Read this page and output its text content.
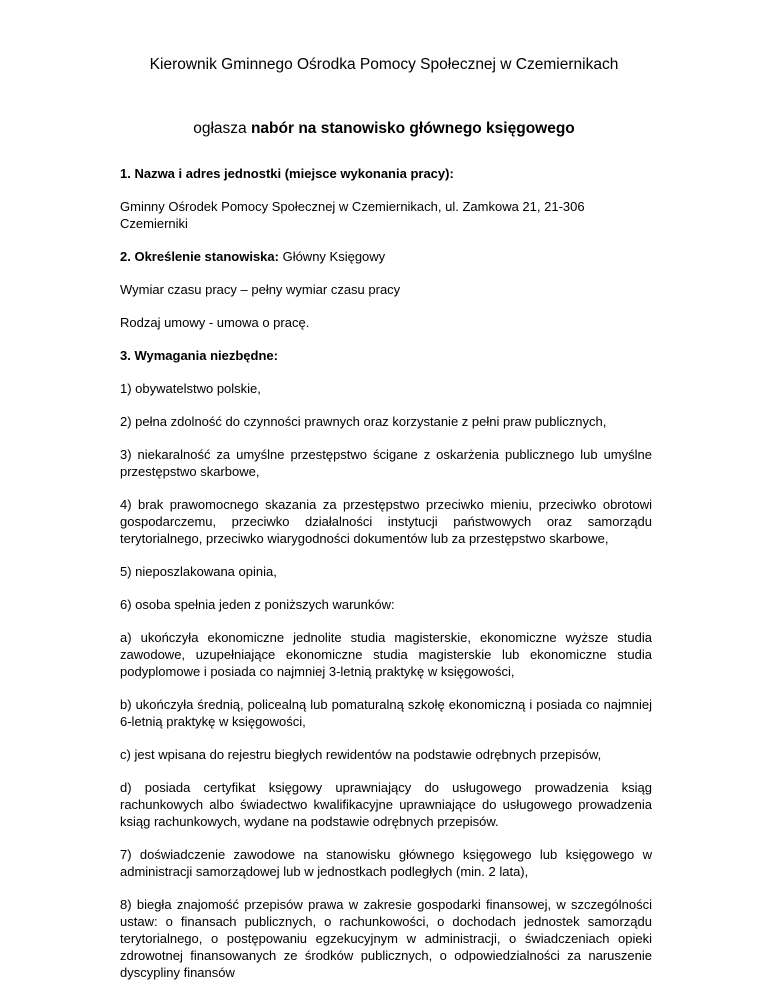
Kierownik Gminnego Ośrodka Pomocy Społecznej w Czemiernikach
ogłasza nabór na stanowisko głównego księgowego

1. Nazwa i adres jednostki (miejsce wykonania pracy):

Gminny Ośrodek Pomocy Społecznej w Czemiernikach, ul. Zamkowa 21, 21-306 Czemierniki

2. Określenie stanowiska: Główny Księgowy

Wymiar czasu pracy – pełny wymiar czasu pracy

Rodzaj umowy - umowa o pracę.

3. Wymagania niezbędne:

1) obywatelstwo polskie,

2) pełna zdolność do czynności prawnych oraz korzystanie z pełni praw publicznych,

3) niekaralność za umyślne przestępstwo ścigane z oskarżenia publicznego lub umyślne przestępstwo skarbowe,

4) brak prawomocnego skazania za przestępstwo przeciwko mieniu, przeciwko obrotowi gospodarczemu, przeciwko działalności instytucji państwowych oraz samorządu terytorialnego, przeciwko wiarygodności dokumentów lub za przestępstwo skarbowe,

5) nieposzlakowana opinia,

6) osoba spełnia jeden z poniższych warunków:

a) ukończyła ekonomiczne jednolite studia magisterskie, ekonomiczne wyższe studia zawodowe, uzupełniające ekonomiczne studia magisterskie lub ekonomiczne studia podyplomowe i posiada co najmniej 3-letnią praktykę w księgowości,

b) ukończyła średnią, policealną lub pomaturalną szkołę ekonomiczną i posiada co najmniej 6-letnią praktykę w księgowości,

c) jest wpisana do rejestru biegłych rewidentów na podstawie odrębnych przepisów,

d) posiada certyfikat księgowy uprawniający do usługowego prowadzenia ksiąg rachunkowych albo świadectwo kwalifikacyjne uprawniające do usługowego prowadzenia ksiąg rachunkowych, wydane na podstawie odrębnych przepisów.

7) doświadczenie zawodowe na stanowisku głównego księgowego lub księgowego w administracji samorządowej lub w jednostkach podległych (min. 2 lata),

8) biegła znajomość przepisów prawa w zakresie gospodarki finansowej, w szczególności ustaw: o finansach publicznych, o rachunkowości, o dochodach jednostek samorządu terytorialnego, o postępowaniu egzekucyjnym w administracji, o świadczeniach opieki zdrowotnej finansowanych ze środków publicznych, o odpowiedzialności za naruszenie dyscypliny finansów
